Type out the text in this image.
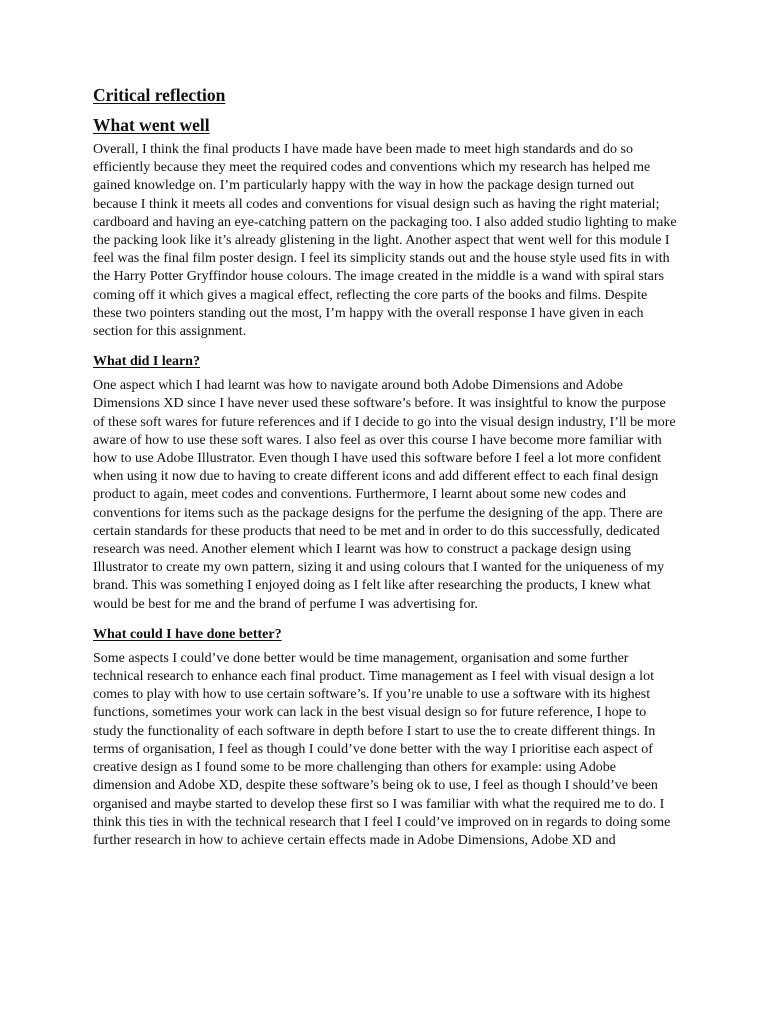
Critical reflection
What went well

Overall, I think the final products I have made have been made to meet high standards and do so efficiently because they meet the required codes and conventions which my research has helped me gained knowledge on. I’m particularly happy with the way in how the package design turned out because I think it meets all codes and conventions for visual design such as having the right material; cardboard and having an eye-catching pattern on the packaging too. I also added studio lighting to make the packing look like it’s already glistening in the light. Another aspect that went well for this module I feel was the final film poster design. I feel its simplicity stands out and the house style used fits in with the Harry Potter Gryffindor house colours. The image created in the middle is a wand with spiral stars coming off it which gives a magical effect, reflecting the core parts of the books and films. Despite these two pointers standing out the most, I’m happy with the overall response I have given in each section for this assignment.

What did I learn?

One aspect which I had learnt was how to navigate around both Adobe Dimensions and Adobe Dimensions XD since I have never used these software’s before. It was insightful to know the purpose of these soft wares for future references and if I decide to go into the visual design industry, I’ll be more aware of how to use these soft wares. I also feel as over this course I have become more familiar with how to use Adobe Illustrator. Even though I have used this software before I feel a lot more confident when using it now due to having to create different icons and add different effect to each final design product to again, meet codes and conventions. Furthermore, I learnt about some new codes and conventions for items such as the package designs for the perfume the designing of the app. There are certain standards for these products that need to be met and in order to do this successfully, dedicated research was need. Another element which I learnt was how to construct a package design using Illustrator to create my own pattern, sizing it and using colours that I wanted for the uniqueness of my brand. This was something I enjoyed doing as I felt like after researching the products, I knew what would be best for me and the brand of perfume I was advertising for.

What could I have done better?

Some aspects I could’ve done better would be time management, organisation and some further technical research to enhance each final product. Time management as I feel with visual design a lot comes to play with how to use certain software’s. If you’re unable to use a software with its highest functions, sometimes your work can lack in the best visual design so for future reference, I hope to study the functionality of each software in depth before I start to use the to create different things. In terms of organisation, I feel as though I could’ve done better with the way I prioritise each aspect of creative design as I found some to be more challenging than others for example: using Adobe dimension and Adobe XD, despite these software’s being ok to use, I feel as though I should’ve been organised and maybe started to develop these first so I was familiar with what the required me to do. I think this ties in with the technical research that I feel I could’ve improved on in regards to doing some further research in how to achieve certain effects made in Adobe Dimensions, Adobe XD and
